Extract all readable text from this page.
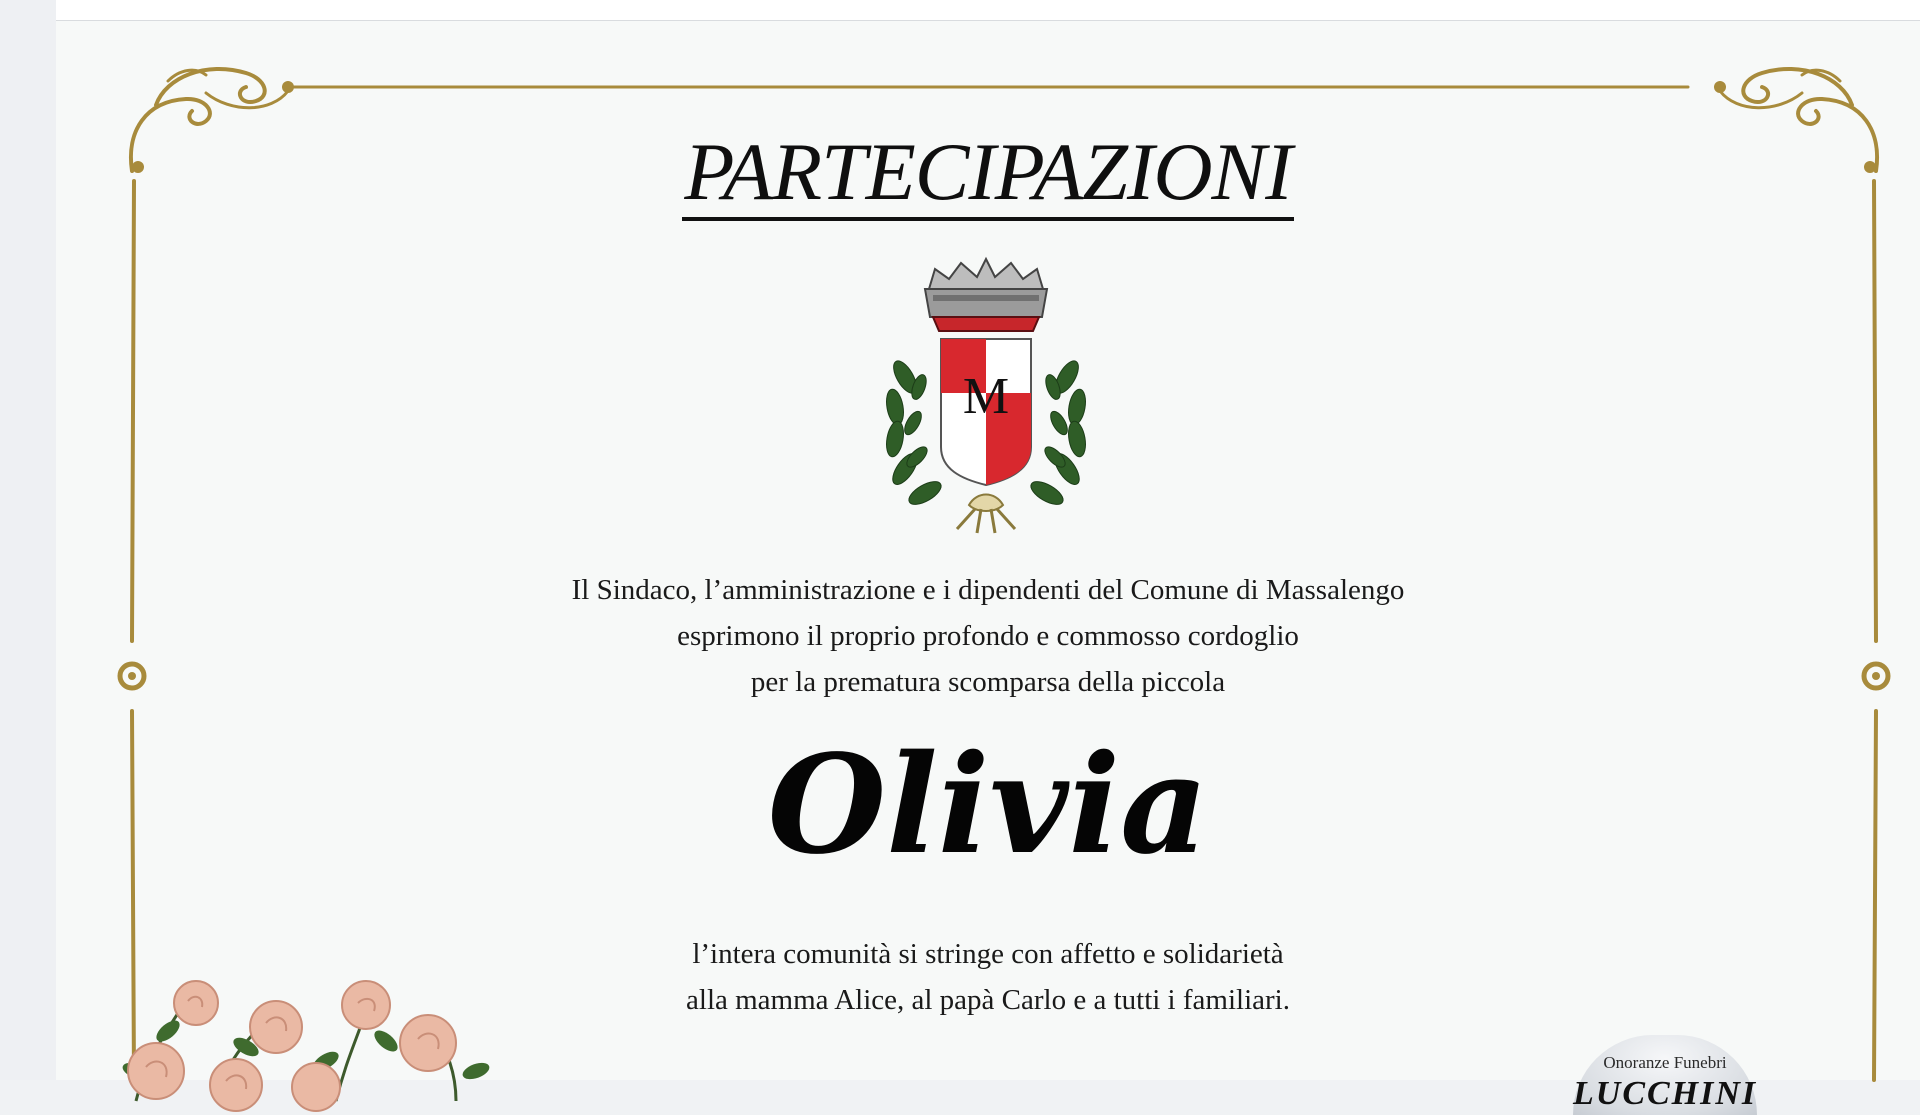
PARTECIPAZIONI
M
Il Sindaco, l’amministrazione e i dipendenti del Comune di Massalengo
esprimono il proprio profondo e commosso cordoglio
per la prematura scomparsa della piccola
Olivia
l’intera comunità si stringe con affetto e solidarietà
alla mamma Alice, al papà Carlo e a tutti i familiari.
Onoranze Funebri
LUCCHINI
